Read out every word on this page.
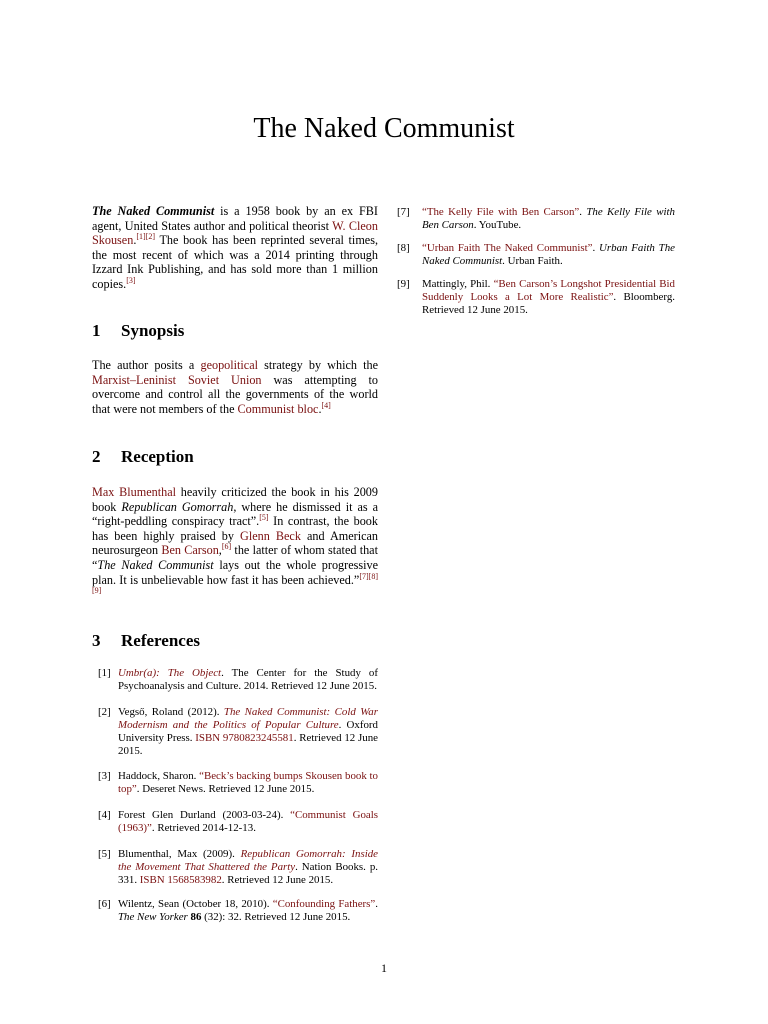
The Naked Communist

The Naked Communist is a 1958 book by an ex FBI agent, United States author and political theorist W. Cleon Skousen.[1][2] The book has been reprinted several times, the most recent of which was a 2014 printing through Izzard Ink Publishing, and has sold more than 1 million copies.[3]

1 Synopsis

The author posits a geopolitical strategy by which the Marxist–Leninist Soviet Union was attempting to overcome and control all the governments of the world that were not members of the Communist bloc.[4]

2 Reception

Max Blumenthal heavily criticized the book in his 2009 book Republican Gomorrah, where he dismissed it as a “right-peddling conspiracy tract”.[5] In contrast, the book has been highly praised by Glenn Beck and American neurosurgeon Ben Carson,[6] the latter of whom stated that “The Naked Communist lays out the whole progressive plan. It is unbelievable how fast it has been achieved.”[7][8][9]

3 References
[1] Umbr(a): The Object. The Center for the Study of Psychoanalysis and Culture. 2014. Retrieved 12 June 2015.
[2] Vegső, Roland (2012). The Naked Communist: Cold War Modernism and the Politics of Popular Culture. Oxford University Press. ISBN 9780823245581. Retrieved 12 June 2015.
[3] Haddock, Sharon. “Beck’s backing bumps Skousen book to top”. Deseret News. Retrieved 12 June 2015.
[4] Forest Glen Durland (2003-03-24). “Communist Goals (1963)”. Retrieved 2014-12-13.
[5] Blumenthal, Max (2009). Republican Gomorrah: Inside the Movement That Shattered the Party. Nation Books. p. 331. ISBN 1568583982. Retrieved 12 June 2015.
[6] Wilentz, Sean (October 18, 2010). “Confounding Fathers”. The New Yorker 86 (32): 32. Retrieved 12 June 2015.
[7] “The Kelly File with Ben Carson”. The Kelly File with Ben Carson. YouTube.
[8] “Urban Faith The Naked Communist”. Urban Faith The Naked Communist. Urban Faith.
[9] Mattingly, Phil. “Ben Carson’s Longshot Presidential Bid Suddenly Looks a Lot More Realistic”. Bloomberg. Retrieved 12 June 2015.
1
